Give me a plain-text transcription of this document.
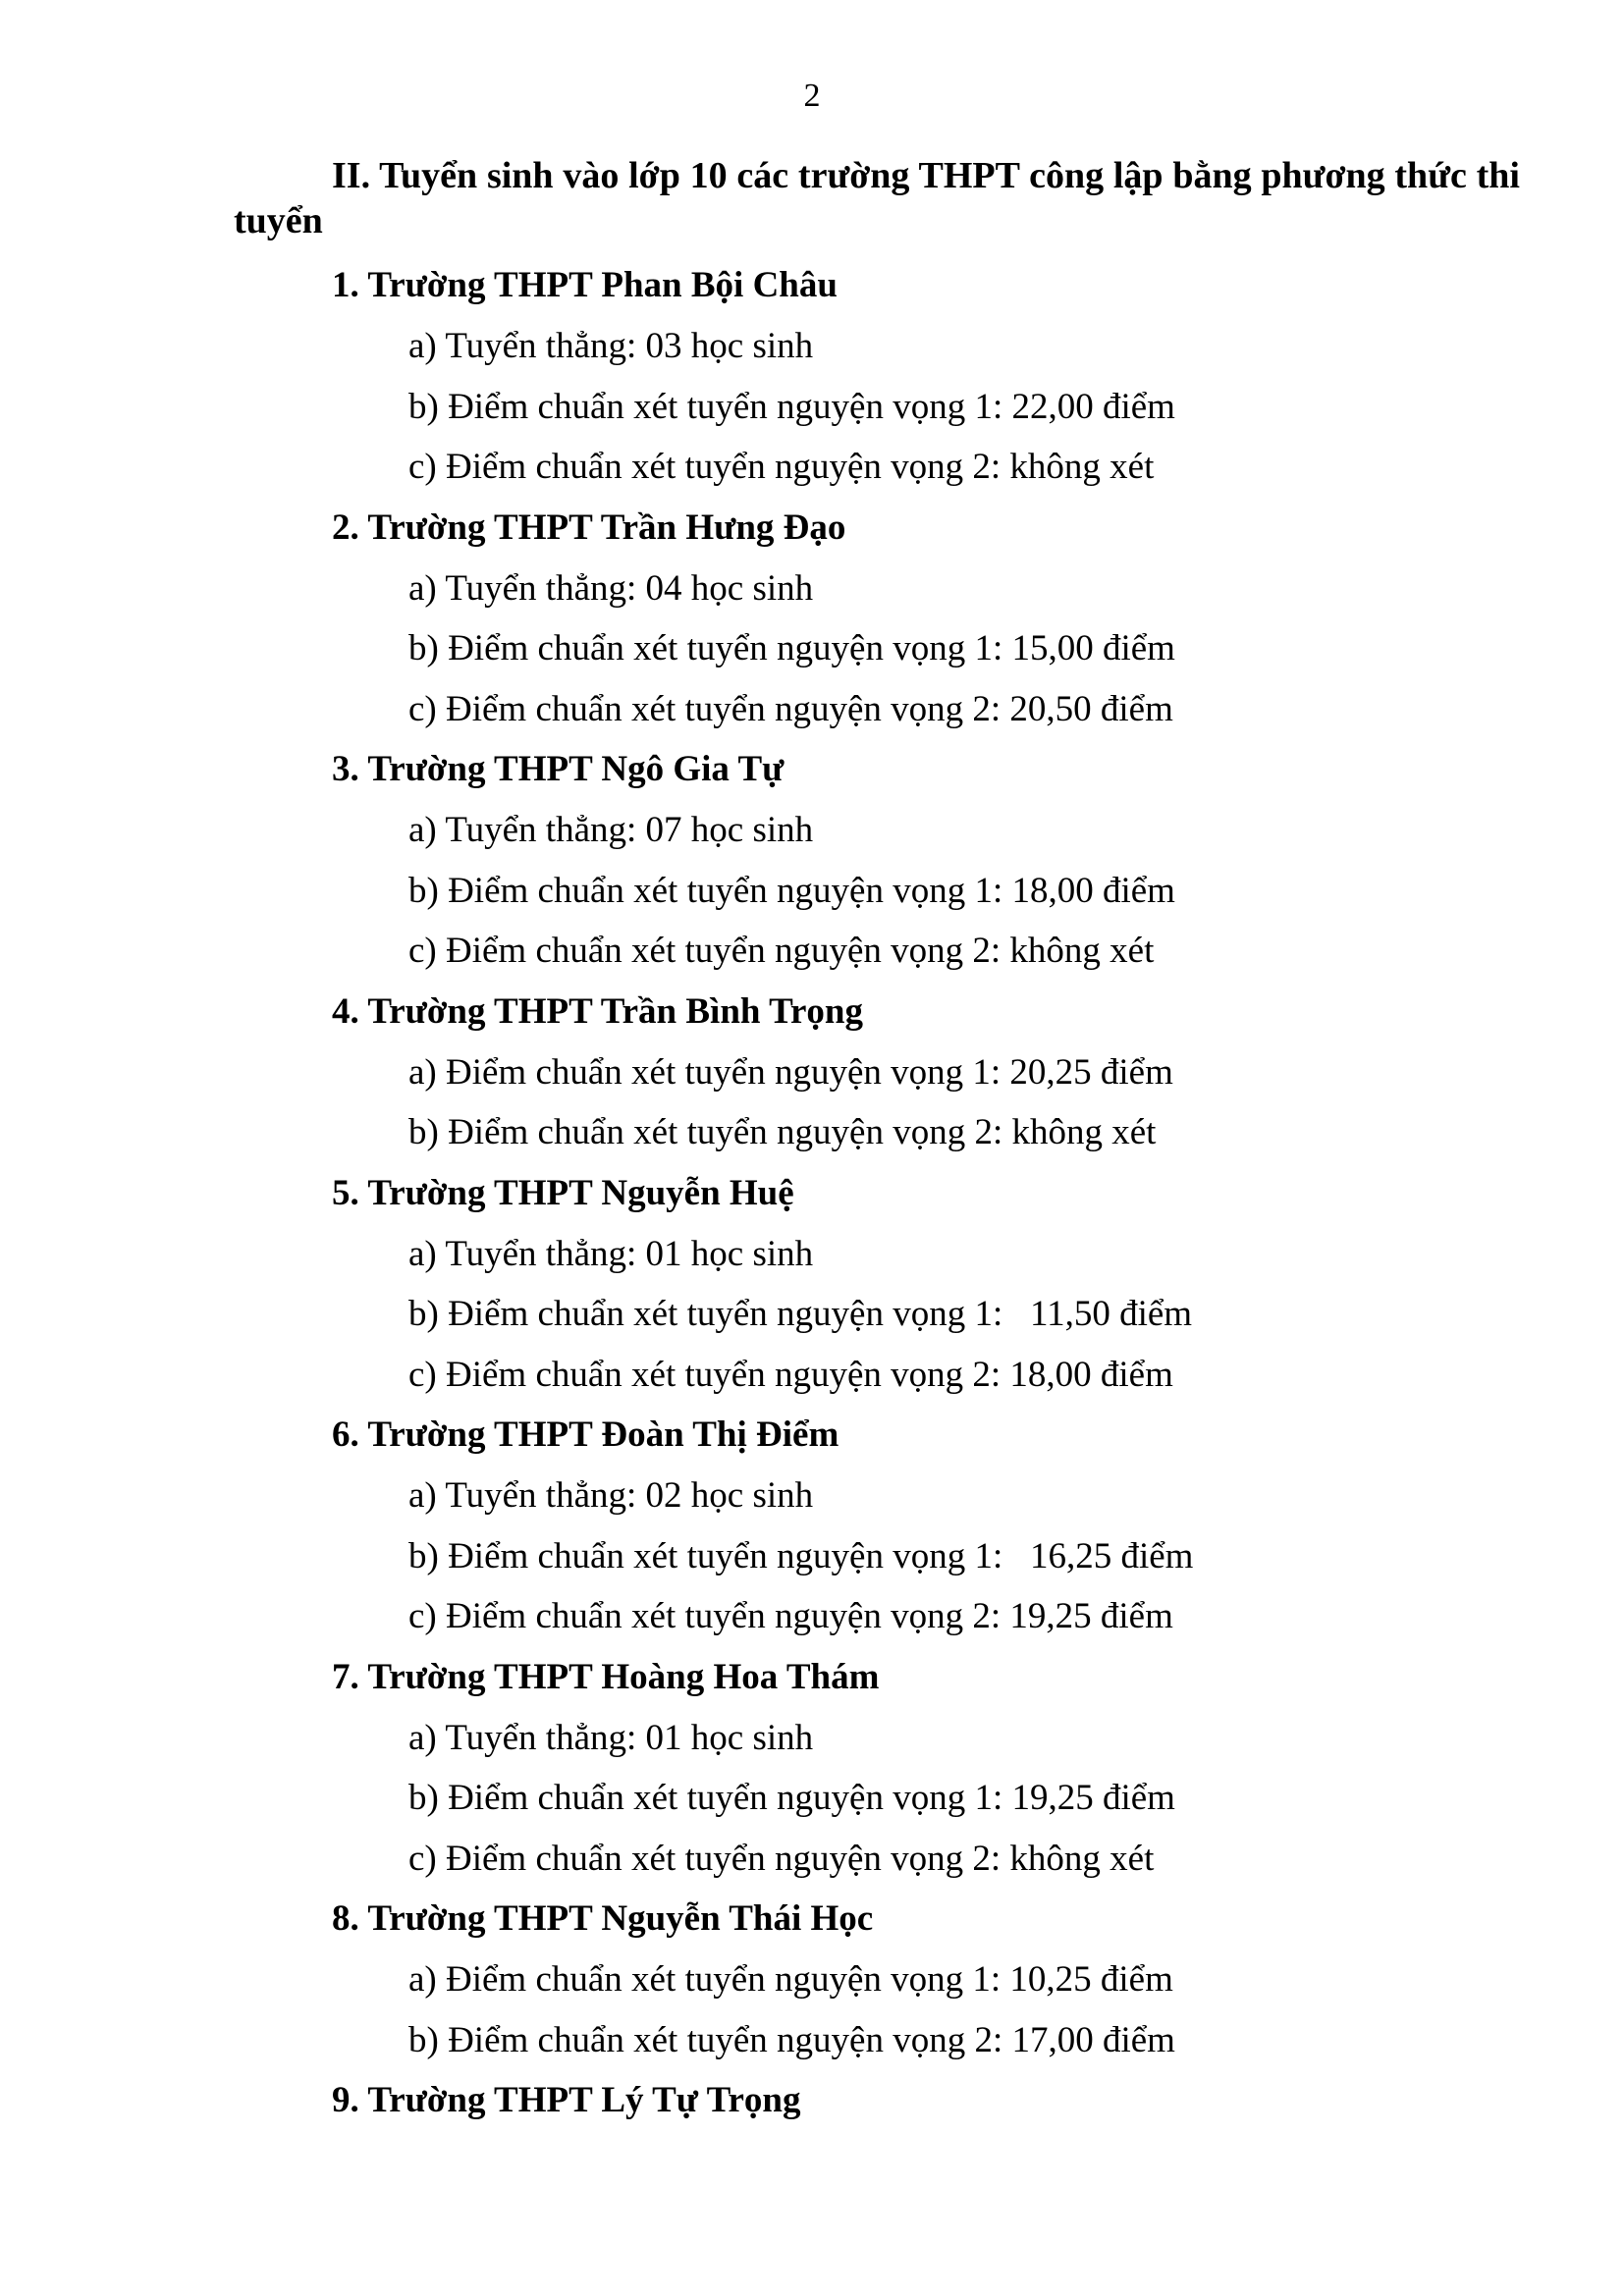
2

II. Tuyển sinh vào lớp 10 các trường THPT công lập bằng phương thức thi tuyển

1. Trường THPT Phan Bội Châu
a) Tuyển thẳng: 03 học sinh
b) Điểm chuẩn xét tuyển nguyện vọng 1: 22,00 điểm
c) Điểm chuẩn xét tuyển nguyện vọng 2: không xét
2. Trường THPT Trần Hưng Đạo
a) Tuyển thẳng: 04 học sinh
b) Điểm chuẩn xét tuyển nguyện vọng 1: 15,00 điểm
c) Điểm chuẩn xét tuyển nguyện vọng 2: 20,50 điểm
3. Trường THPT Ngô Gia Tự
a) Tuyển thẳng: 07 học sinh
b) Điểm chuẩn xét tuyển nguyện vọng 1: 18,00 điểm
c) Điểm chuẩn xét tuyển nguyện vọng 2: không xét
4. Trường THPT Trần Bình Trọng
a) Điểm chuẩn xét tuyển nguyện vọng 1: 20,25 điểm
b) Điểm chuẩn xét tuyển nguyện vọng 2: không xét
5. Trường THPT Nguyễn Huệ
a) Tuyển thẳng: 01 học sinh
b) Điểm chuẩn xét tuyển nguyện vọng 1:   11,50 điểm
c) Điểm chuẩn xét tuyển nguyện vọng 2: 18,00 điểm
6. Trường THPT Đoàn Thị Điểm
a) Tuyển thẳng: 02 học sinh
b) Điểm chuẩn xét tuyển nguyện vọng 1:   16,25 điểm
c) Điểm chuẩn xét tuyển nguyện vọng 2: 19,25 điểm
7. Trường THPT Hoàng Hoa Thám
a) Tuyển thẳng: 01 học sinh
b) Điểm chuẩn xét tuyển nguyện vọng 1: 19,25 điểm
c) Điểm chuẩn xét tuyển nguyện vọng 2: không xét
8. Trường THPT Nguyễn Thái Học
a) Điểm chuẩn xét tuyển nguyện vọng 1: 10,25 điểm
b) Điểm chuẩn xét tuyển nguyện vọng 2: 17,00 điểm
9. Trường THPT Lý Tự Trọng
